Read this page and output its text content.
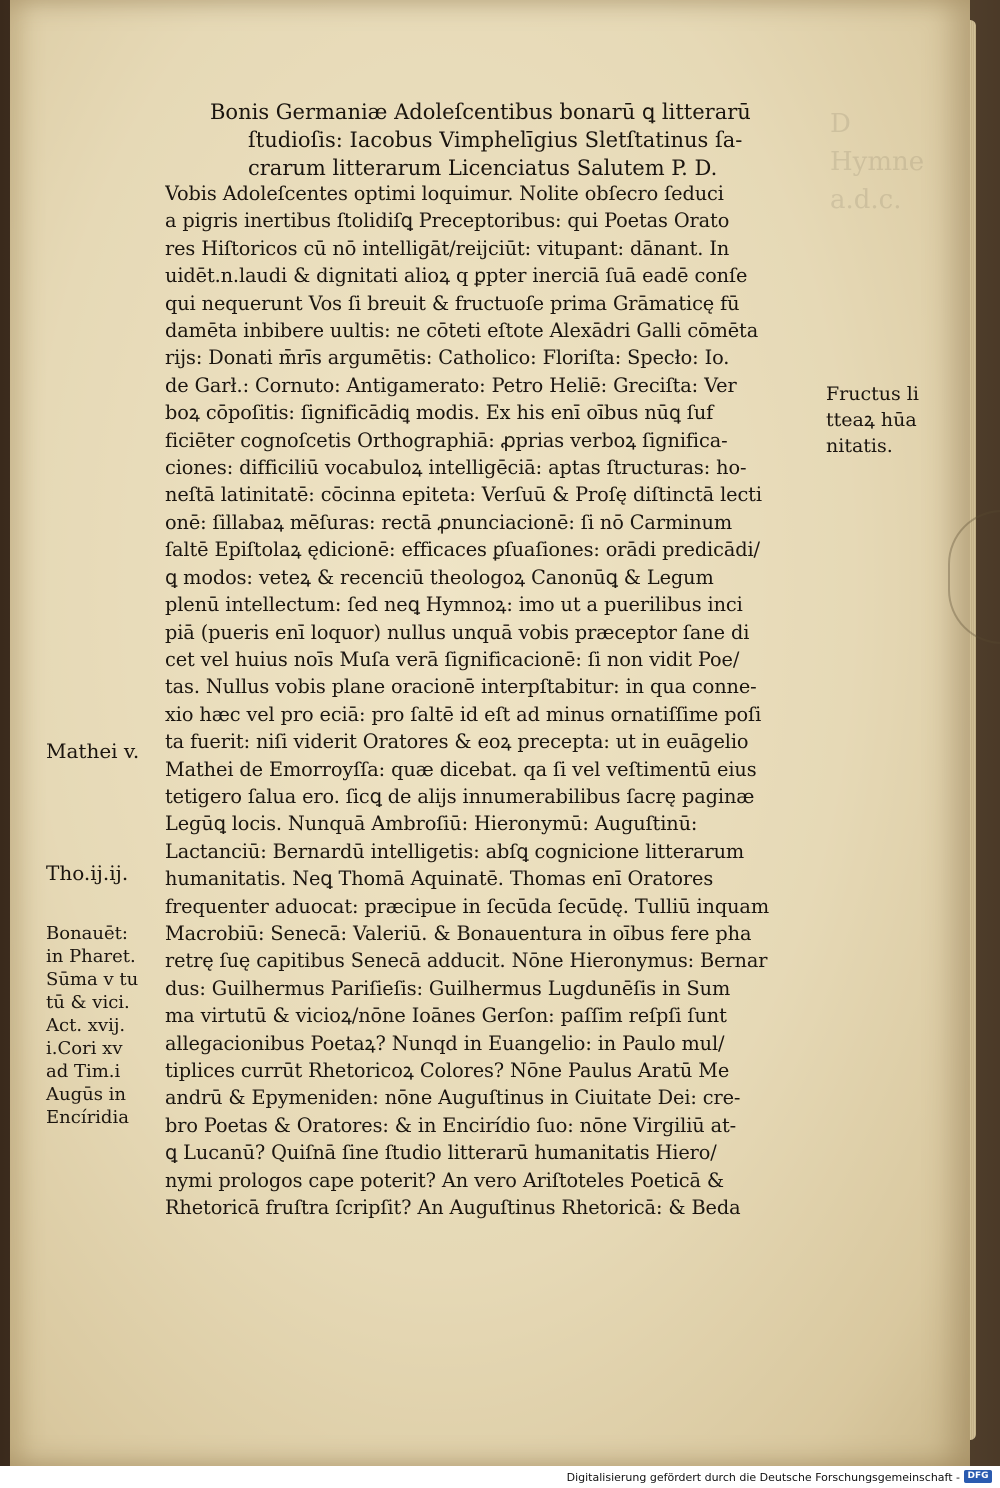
D
Hymne
a.d.c.
Bonis Germaniæ Adoleſcentibus bonarū ꝗ litterarū
ſtudioſis: Iacobus Vimphelīgius Sletſtatinus ſa-
crarum litterarum Licenciatus Salutem P. D.
Vobis Adoleſcentes optimi loquimur. Nolite obſecro ſeduci
a pigris inertibus ſtolidiſꝗ Preceptoribus: qui Poetas Orato
res Hiſtoricos cū nō intelligāt/reijciūt: vitupant: dānant. In
uidēt.n.laudi & dignitati alioꝝ q ꝑpter inerciā ſuā eadē conſe
qui nequerunt Vos ſi breuit & fructuoſe prima Grāmaticę fū
damēta inbibere uultis: ne cōteti eſtote Alexādri Galli cōmēta
rijs: Donati m̄rīs argumētis: Catholico: Floriſta: Specło: Io.
de Garł.: Cornuto: Antigamerato: Petro Heliē: Greciſta: Ver
boꝝ cōpoſitis: ſignificādiꝗ modis. Ex his enī oībus nūꝗ ſuf
ficiēter cognoſcetis Orthographiā: ꝓprias verboꝝ ſignifica-
ciones: difficiliū vocabuloꝝ intelligēciā: aptas ſtructuras: ho-
neſtā latinitatē: cōcinna epiteta: Verſuū & Proſę diſtinctā lecti
onē: ſillabaꝝ mēſuras: rectā ꝓnunciacionē: ſi nō Carminum
ſaltē Epiſtolaꝝ ędicionē: efficaces ꝑſuaſiones: orādi predicādi/
ꝗ modos: veteꝝ & recenciū theologoꝝ Canonūꝗ & Legum
plenū intellectum: ſed neꝗ Hymnoꝝ: imo ut a puerilibus inci
piā (pueris enī loquor) nullus unquā vobis præceptor ſane di
cet vel huius noīs Muſa verā ſignificacionē: ſi non vidit Poe/
tas. Nullus vobis plane oracionē interpſtabitur: in qua conne-
xio hæc vel pro eciā: pro ſaltē id eſt ad minus ornatiſſime poſi
ta fuerit: niſi viderit Oratores & eoꝝ precepta: ut in euāgelio
Mathei de Emorroyſſa: quæ dicebat. qa ſi vel veſtimentū eius
tetigero ſalua ero. ſicꝗ de alijs innumerabilibus ſacrę paginæ
Legūꝗ locis. Nunquā Ambroſiū: Hieronymū: Auguſtinū:
Lactanciū: Bernardū intelligetis: abſꝗ cognicione litterarum
humanitatis. Neꝗ Thomā Aquinatē. Thomas enī Oratores
frequenter aduocat: præcipue in ſecūda ſecūdę. Tulliū inquam
Macrobiū: Senecā: Valeriū. & Bonauentura in oībus fere pha
retrę ſuę capitibus Senecā adducit. Nōne Hieronymus: Bernar
dus: Guilhermus Pariſieſis: Guilhermus Lugdunēſis in Sum
ma virtutū & vicioꝝ/nōne Ioānes Gerſon: paſſim reſpſi ſunt
allegacionibus Poetaꝝ? Nunqd in Euangelio: in Paulo mul/
tiplices currūt Rhetoricoꝝ Colores? Nōne Paulus Aratū Me
andrū & Epymeniden: nōne Auguſtinus in Ciuitate Dei: cre-
bro Poetas & Oratores: & in Encirídio ſuo: nōne Virgiliū at-
ꝗ Lucanū? Quiſnā ſine ſtudio litterarū humanitatis Hiero/
nymi prologos cape poterit? An vero Ariſtoteles Poeticā &
Rhetoricā fruſtra ſcripſit? An Auguſtinus Rhetoricā: & Beda
Fructus li
tteaꝝ hūa
nitatis.
Mathei v.
Tho.ij.ij.
Bonauēt:
in Pharet.
Sūma v tu
tū & vici.
Act. xvij.
i.Cori xv
ad Tim.i
Augūs in
Encíridia
Digitalisierung gefördert durch die Deutsche Forschungsgemeinschaft - DFG
